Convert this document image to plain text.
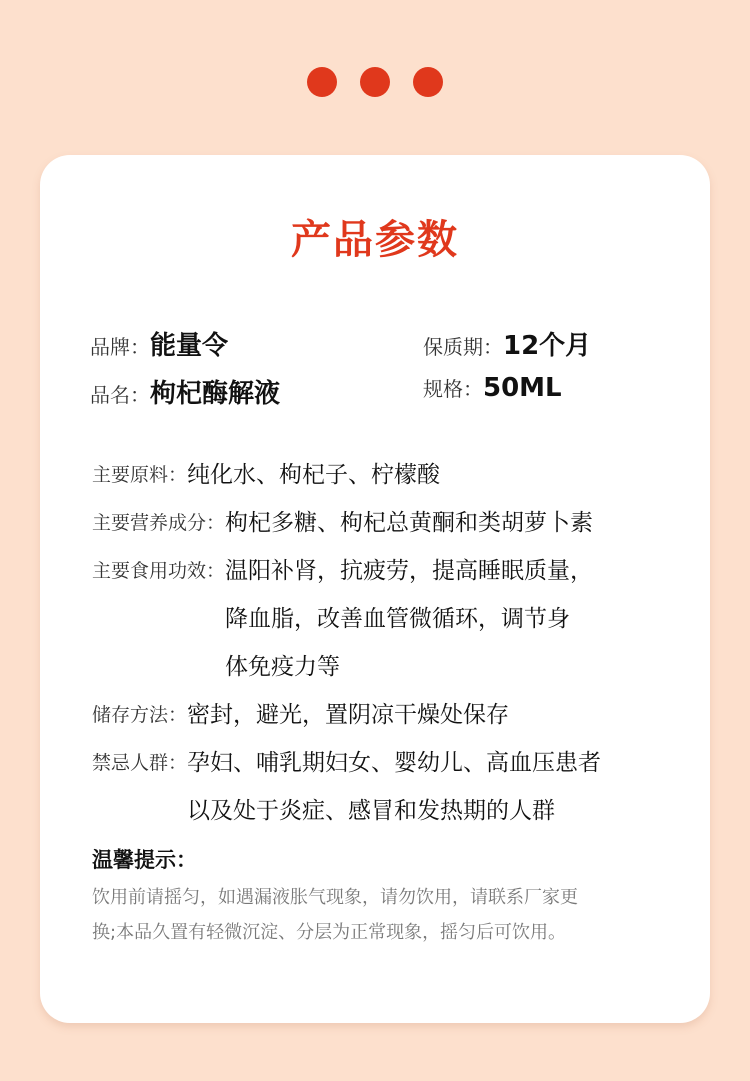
产品参数
品牌： 能量令	保质期： 12个月
品名： 枸杞酶解液	规格： 50ML
主要原料： 纯化水、枸杞子、柠檬酸
主要营养成分： 枸杞多糖、枸杞总黄酮和类胡萝卜素
主要食用功效： 温阳补肾，抗疲劳，提高睡眠质量，
降血脂，改善血管微循环，调节身
体免疫力等
储存方法： 密封，避光，置阴凉干燥处保存
禁忌人群： 孕妇、哺乳期妇女、婴幼儿、高血压患者
以及处于炎症、感冒和发热期的人群
温馨提示：
饮用前请摇匀，如遇漏液胀气现象，请勿饮用，请联系厂家更
换;本品久置有轻微沉淀、分层为正常现象，摇匀后可饮用。
